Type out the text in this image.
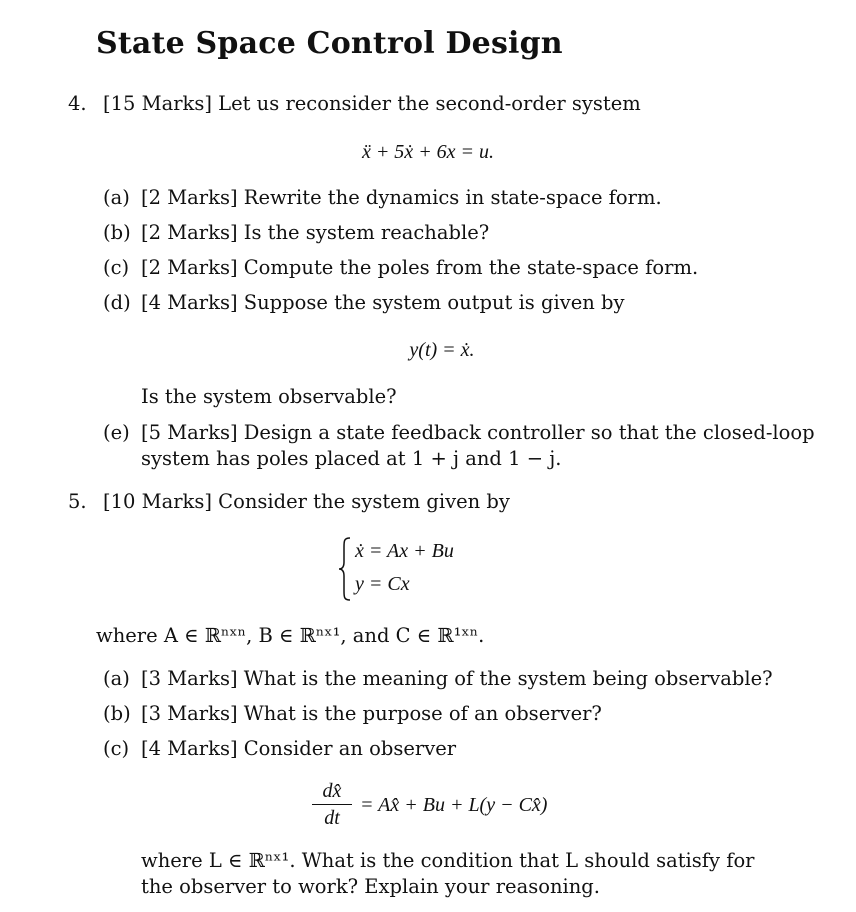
State Space Control Design
4. [15 Marks] Let us reconsider the second-order system
ẍ + 5ẋ + 6x = u.
(a) [2 Marks] Rewrite the dynamics in state-space form.
(b) [2 Marks] Is the system reachable?
(c) [2 Marks] Compute the poles from the state-space form.
(d) [4 Marks] Suppose the system output is given by
y(t) = ẋ.
Is the system observable?
(e) [5 Marks] Design a state feedback controller so that the closed-loop
system has poles placed at 1 + j and 1 − j.
5. [10 Marks] Consider the system given by
ẋ = Ax + Bu
y = Cx
where A ∈ ℝⁿˣⁿ, B ∈ ℝⁿˣ¹, and C ∈ ℝ¹ˣⁿ.
(a) [3 Marks] What is the meaning of the system being observable?
(b) [3 Marks] What is the purpose of an observer?
(c) [4 Marks] Consider an observer
dx̂
dt
= Ax̂ + Bu + L(y − Cx̂)
where L ∈ ℝⁿˣ¹. What is the condition that L should satisfy for
the observer to work? Explain your reasoning.
